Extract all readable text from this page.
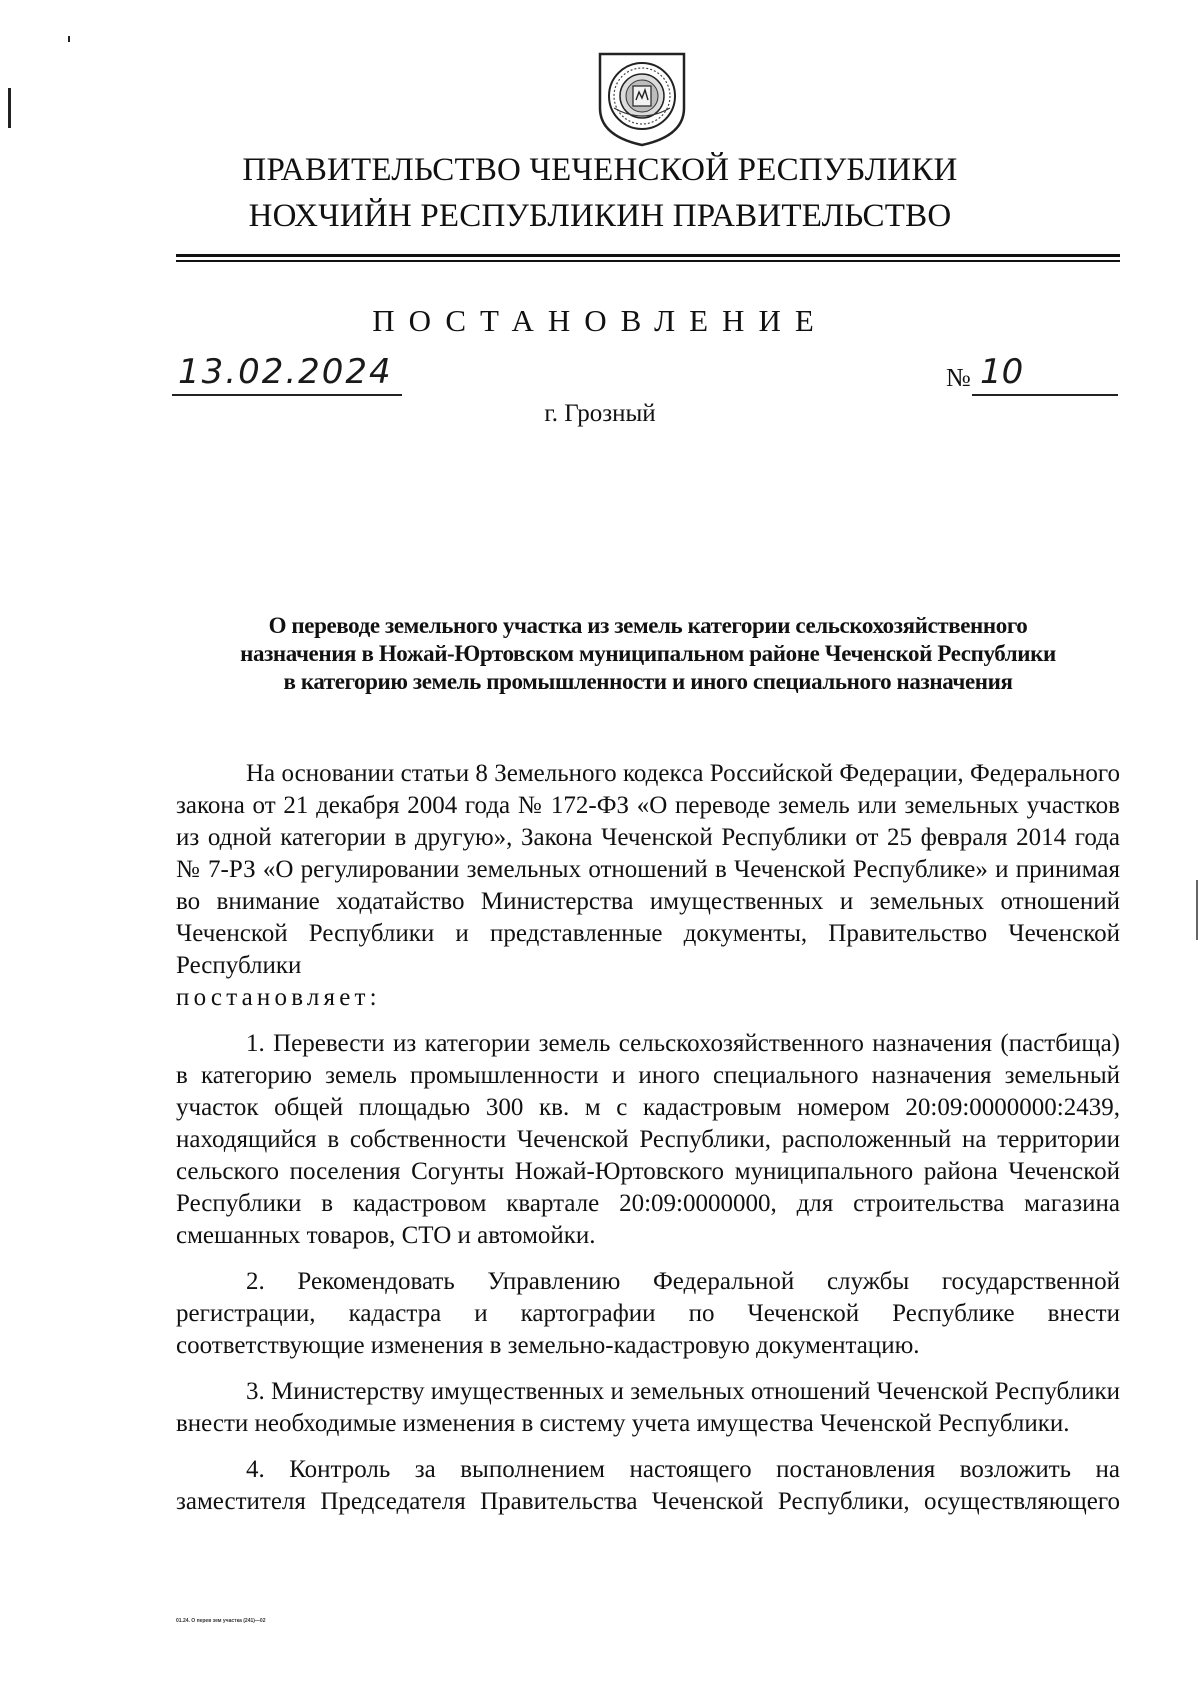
ПРАВИТЕЛЬСТВО ЧЕЧЕНСКОЙ РЕСПУБЛИКИ
НОХЧИЙН РЕСПУБЛИКИН ПРАВИТЕЛЬСТВО
ПОСТАНОВЛЕНИЕ
13.02.2024	№ 10
г. Грозный
О переводе земельного участка из земель категории сельскохозяйственного
назначения в Ножай-Юртовском муниципальном районе Чеченской Республики
в категорию земель промышленности и иного специального назначения

На основании статьи 8 Земельного кодекса Российской Федерации, Федерального закона от 21 декабря 2004 года № 172-ФЗ «О переводе земель или земельных участков из одной категории в другую», Закона Чеченской Республики от 25 февраля 2014 года № 7-РЗ «О регулировании земельных отношений в Чеченской Республике» и принимая во внимание ходатайство Министерства имущественных и земельных отношений Чеченской Республики и представленные документы, Правительство Чеченской Республики

постановляет:

1. Перевести из категории земель сельскохозяйственного назначения (пастбища) в категорию земель промышленности и иного специального назначения земельный участок общей площадью 300 кв. м с кадастровым номером 20:09:0000000:2439, находящийся в собственности Чеченской Республики, расположенный на территории сельского поселения Согунты Ножай-Юртовского муниципального района Чеченской Республики в кадастровом квартале 20:09:0000000, для строительства магазина смешанных товаров, СТО и автомойки.

2. Рекомендовать Управлению Федеральной службы государственной регистрации, кадастра и картографии по Чеченской Республике внести соответствующие изменения в земельно-кадастровую документацию.

3. Министерству имущественных и земельных отношений Чеченской Республики внести необходимые изменения в систему учета имущества Чеченской Республики.

4. Контроль за выполнением настоящего постановления возложить на заместителя Председателя Правительства Чеченской Республики, осуществляющего

01.24. О перев зем участка (241)—02
